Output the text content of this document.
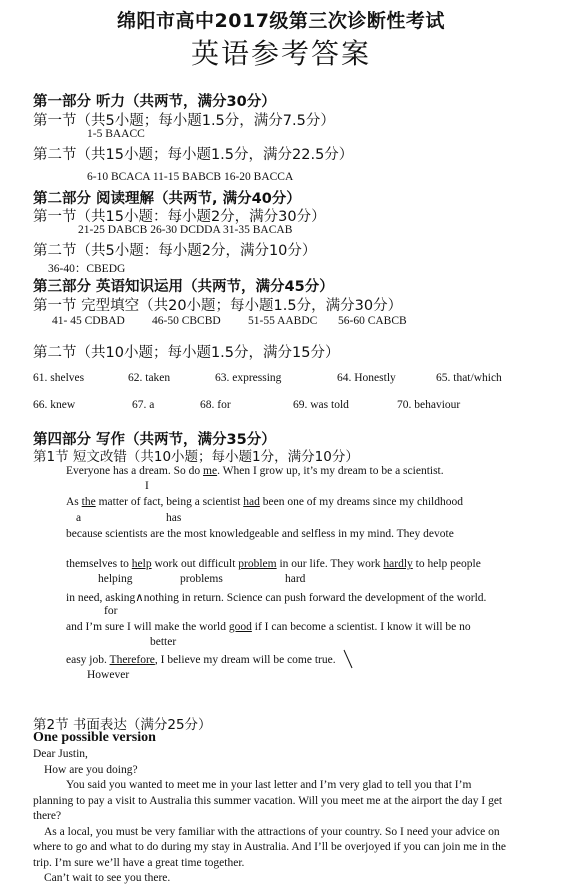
绵阳市高中2017级第三次诊断性考试
英语参考答案
第一部分 听力（共两节，满分30分）
第一节（共5小题；每小题1.5分，满分7.5分）
1-5 BAACC
第二节（共15小题；每小题1.5分，满分22.5分）
6-10 BCACA 11-15 BABCB 16-20 BACCA
第二部分 阅读理解（共两节, 满分40分）
第一节（共15小题：每小题2分，满分30分）
21-25 DABCB 26-30 DCDDA 31-35 BACAB
第二节（共5小题：每小题2分，满分10分）
36-40：CBEDG
第三部分 英语知识运用（共两节，满分45分）
第一节 完型填空（共20小题；每小题1.5分，满分30分）
41- 45 CDBAD 46-50 CBCBD 51-55 AABDC 56-60 CABCB
第二节（共10小题；每小题1.5分，满分15分）
61. shelves	62. taken	63. expressing	64. Honestly	65. that/which
66. knew	67. a	68. for	69. was told	70. behaviour
第四部分 写作（共两节，满分35分）
第1节 短文改错（共10小题；每小题1分，满分10分）
Everyone has a dream. So do me. When I grow up, it’s my dream to be a scientist.
I
As the matter of fact, being a scientist had been one of my dreams since my childhood
a	has
because scientists are the most knowledgeable and selfless in my mind. They devote
themselves to help work out difficult problem in our life. They work hardly to help people
helping	problems	hard
in need, asking∧nothing in return. Science can push forward the development of the world.
for
and I’m sure I will make the world good if I can become a scientist. I know it will be no
better
easy job. Therefore, I believe my dream will be come true.
However
第2节 书面表达（满分25分）
One possible version
Dear Justin,
How are you doing?
You said you wanted to meet me in your last letter and I’m very glad to tell you that I’m
planning to pay a visit to Australia this summer vacation. Will you meet me at the airport the day I get
there?
As a local, you must be very familiar with the attractions of your country. So I need your advice on
where to go and what to do during my stay in Australia. And I’ll be overjoyed if you can join me in the
trip. I’m sure we’ll have a great time together.
Can’t wait to see you there.
